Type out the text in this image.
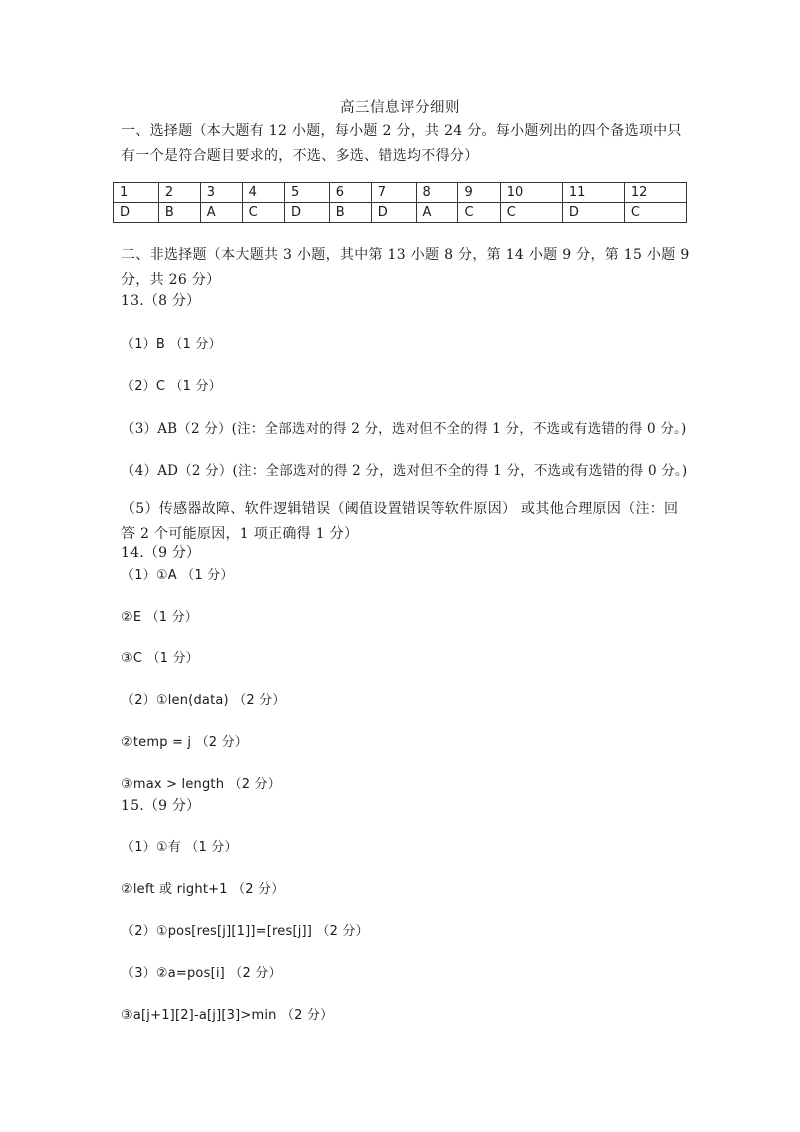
高三信息评分细则
一、选择题（本大题有 12 小题，每小题 2 分，共 24 分。每小题列出的四个备选项中只有一个是符合题目要求的，不选、多选、错选均不得分）
1	2	3	4	5	6	7	8	9	10	11	12
D	B	A	C	D	B	D	A	C	C	D	C
二、非选择题（本大题共 3 小题，其中第 13 小题 8 分，第 14 小题 9 分，第 15 小题 9 分，共 26 分）
13.（8 分）
（1）B （1 分）
（2）C （1 分）
（3）AB（2 分）(注：全部选对的得 2 分，选对但不全的得 1 分，不选或有选错的得 0 分。)
（4）AD（2 分）(注：全部选对的得 2 分，选对但不全的得 1 分，不选或有选错的得 0 分。)
（5）传感器故障、软件逻辑错误（阈值设置错误等软件原因） 或其他合理原因（注：回答 2 个可能原因，1 项正确得 1 分）
14.（9 分）
（1）①A （1 分）
②E （1 分）
③C （1 分）
（2）①len(data) （2 分）
②temp = j （2 分）
③max > length （2 分）
15.（9 分）
（1）①有 （1 分）
②left 或 right+1 （2 分）
（2）①pos[res[j][1]]=[res[j]] （2 分）
（3）②a=pos[i] （2 分）
③a[j+1][2]-a[j][3]>min （2 分）
